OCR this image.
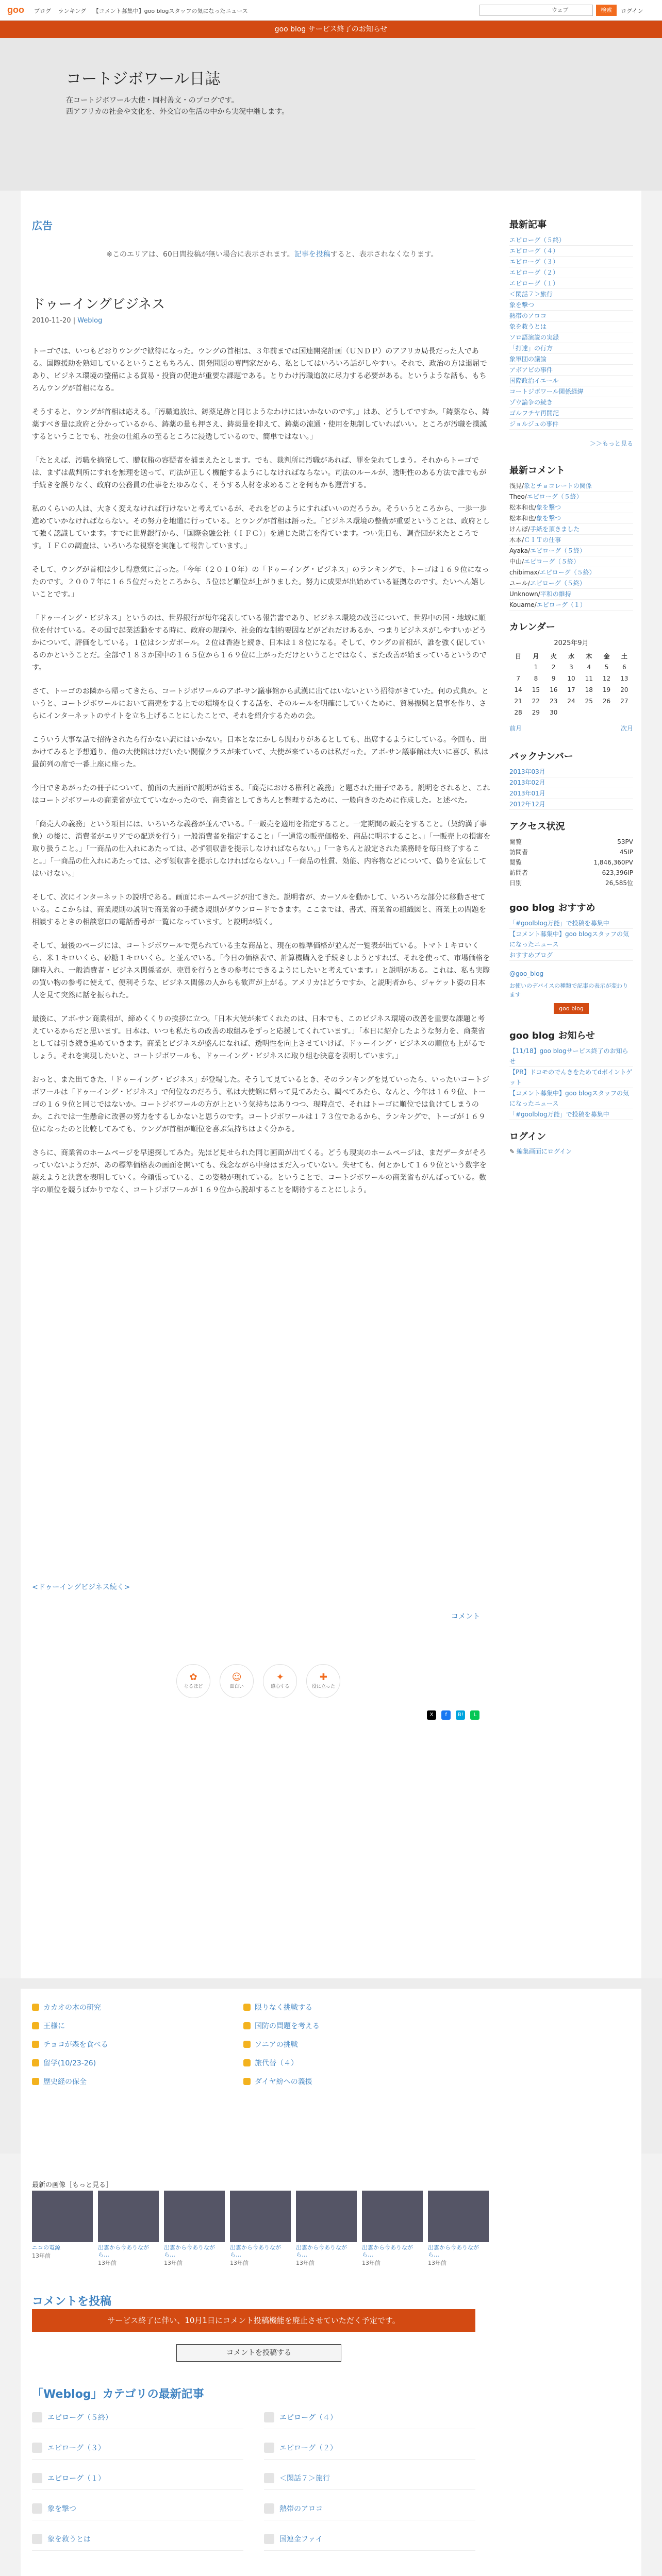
goo ブログ ランキング 【コメント募集中】goo blogスタッフの気になったニュース	ウェブ	検索	ログイン
goo blog サービス終了のお知らせ
コートジボワール日誌
在コートジボワール大使・岡村善文・のブログです。
西アフリカの社会や文化を、外交官の生活の中から実況中継します。
広告
※このエリアは、60日間投稿が無い場合に表示されます。記事を投稿すると、表示されなくなります。
ドゥーイングビジネス
2010-11-20 | Weblog

トーゴでは、いつもどおりウングで歓待になった。ウングの首相は、３年前までは国連開発計画（ＵＮＤＰ）のアフリカ局長だった人である。国際援助を熟知しているということもちろん、開発問題の専門家だから、私としてはいろいろ話がしやすい。それで、政治の方は退屈であり、ビジネス環境の整備による貿易・投資の促進が重要な課題である。とりわけ汚職追放に尽力する必要がある。というような話も、もちろんウングが首相になる。

そうすると、ウングが首相は応える。「汚職追放は、鋳薬足跡と同じようなわけにはいかないのです。」はあ、どうしてですか。「鋳薬なら、鋳薬すべき量は政府と分かっているから、鋳薬の量も押さえ、鋳薬量を抑えて、鋳薬の流通・使用を規制していればいい。ところが汚職を撲滅するということでも、社会の仕組みの至るところに浸透しているので、簡単ではない。」

「たとえば、汚職を摘発して、贈収賄の容疑者を捕まえたとします。でも、裁判所に汚職があれば、罪を免れてしまう。それからトーゴでは、まずは裁判所にすれを無理を送って、司法が正しく機能するようにしなければならない。司法のルールが、透明性のある方法で誰でもが手続きを誤りなく、政府の公務員の仕事をたゆみなく、そうする人材を求めることを何もかも運営する。

私のくらいの人は、大きく変えなければ行けないと考えているが、それをどのようにすればいいのだろうか。そういうところから、一歩一歩進めていかなければならない。その努力を地道に行っている。とウングが首相は語った。「ビジネス環境の整備が重要ということは、政府として強く認識しています。すでに世界銀行から、「国際金融公社（ＩＦＣ）」を通じた助言を得ています。つい先日も、調査団が来たところです。ＩＦＣの調査は、いろいろな視察を実施して報告しています。」

そして、ウングが首相は少し得意気に言った。「今年（２０１０年）の「ドゥーイング・ビジネス」のランキングで、トーゴは１６９位になったのです。２００７年に１６５位だったところから、５位ほど順位が上がりました。努力に成果が出始めている証拠なのです。たいへん嬉しいことです。」

「ドゥーイング・ビジネス」というのは、世界銀行が毎年発表している報告書であり、ビジネス環境の改善について、世界中の国・地域に順位を付けている。その国で起業活動をする時に、政府の規制や、社会的な制約要因などがどれだけあるか、つまりビジネスがしやすいかどうかについて、評価をしている。１位はシンガポール。２位は香港と続き、日本は１８位になる。そして、ウングの首相が、誰を強く促しているのかということだ。全部で１８３か国中の１６５位から１６９位に上がっただけということではなく、また改善が始まっているというのです。

さて、トーゴのお隣から帰ってきたら、コートジボワールのアボ-サン議事館から武漢に出てはいないという招待がきていた。何の式典か。というと、コートジボワールにおいて商売をする上での環境を良くする話を、そのルールを明確にしていくために、貿易振興と農事を作り、さらにインターネットのサイトを立ち上げることにしたことで、それを紹介するための会。

こういう大事な話で招待されたら行かない訳にはいかない。日本となにかしら関わりがあるとしても、出席するようにしている。今回も、出かけてみると予想通り、他の大使館はけだいたい閣僚クラスが来ていて、大使が来ているのは私だった。アボ-サン議事館は大いに喜び、私は最前列の席で一番上座に座った。

今日できあがったの冊子について、前面の大画面で説明が始まる。「商売における権利と義務」と題された冊子である。説明をされると、これはコートジボワールの商業省が立てていなかったので、商業省としてきちんと整理するために、一般向きのために作成した。と述べた。

「商売人の義務」という項目には、いろいろな義務が並んでいる。「一販売を適用を指定すること。一定期間の販売をすること。（契約満了事象）の後に、消費者がエリアでの配送を行う」一般消費者を指定すること」「一通常の販売価格を、商品に明示すること。」「一販売上の損害を取り扱うこと。」「一商品の仕入れにあたっては、必ず領収書を提示しなければならない。」「一きちんと設定された業務時を毎日終了すること。」「一商品の仕入れにあたっては、必ず領収書を提示しなければならない。」「一商品の性質、効能、内容物などについて、偽りを宣伝してはいけない。」

そして、次にインターネットの説明である。画面にホームページが出てきた。説明者が、カーソルを動かして、いろいろな部分に移動させている。ここからは、商業規則の説明で商業省の手続き規則がダウンロードできます。ここまでは、書式、商業省の組織図と、商業上の問題を相談するときの相談窓口の電話番号が一覧になっています。と説明が続く。

そして、最後のページには、コートジボワールで売られている主な商品と、現在の標準価格が並んだ一覧表が出ている。トマト１キロいくら、米１キロいくら、砂糖１キロいくら。と並んでいる。「今日の価格表で、計算機購入を手続きしようとすれば、それを使って、市場価格を随時入れ、一般消費者・ビジネス関係者が、売買を行うときの参考にできるようにしたいと考えています。」と説明がある。これは、私も実際の買い物の参考に使えて、便利そうな、ビジネス関係の人からも歓声が上がる。アメリカはどうですか、と説明者から、ジャケット姿の日本人を見て突然に話を振られた。

最後に、アボ-サン商業相が、締めくくりの挨拶に立つ。「日本大使が来てくれたのは、日本でも、このビジネス環境の改善を重要な課題と考えているからだと思います。日本は、いつも私たちの改善の取組みをずっと応援してくれています。」「本日に紹介したような努力を、商業省としては引き続き進めていきます。商業とビジネスが盛んになれば、透明性を向上させていけば、ドゥーイング・ビジネスの順位も上がるでしょう。それを実現したいと、コートジボワールも、ドゥーイング・ビジネスに取り組む決意を表明しています。」

おっと、また出てきた、「ドゥーイング・ビジネス」が登場した。そうして見ているとき、そのランキングを見ていったら、いったいコートジボワールは「ドゥーイング・ビジネス」で何位なのだろう。私は大使館に帰って見てみたら、調べてみたら、なんと、今年は１６９位、トーゴの１６９位と同じではないか。コートジボワールの方が上という気持ちはありつつ、現時点で、それはトーゴに順位では負けてしまうのか。これでは一生懸命に改善の努力をするしかないと思うのです。コートジボワールは１７３位であるから、ランキングで、トーゴが１６９位になったのと比較してみても、ウングが首相が順位を喜ぶ気持ちはよく分かる。

さらに、商業省のホームページを早速探してみた。先ほど見せられた同じ画面が出てくる。どうも現実のホームページは、まだデータがそろっていないようだが、あの標準価格表の画面を開いても、残念ながら中身はまだ入っていない。失せても、何とかして１６９位という数字を越えようと決意を表明していく。今頑張っている、この姿勢が現れている。ということで、コートジボワールの商業省もがんばっている。数字の順位を競うばかりでなく、コートジボワールが１６９位から脱却することを期待することにしよう。

<ドゥーイングビジネス続く>
コメント
✿
なるほど
☺
面白い
✦
感心する
✚
役に立った
X f B! L
最新記事
エピローグ（５終）
エピローグ（４）
エピローグ（３）
エピローグ（２）
エピローグ（１）
＜閑話７＞旅行
象を撃つ
熱帯のアロコ
象を救うとは
ソロ語演説の実録
「打達」の行方
象軍団の議論
アボアビの事件
国際政治イエール
コートジボワール関係経緯
ゾウ論争の続き
ゴルフチヤ再開記
ジョルジュの事件
＞＞もっと見る
最新コメント
浅見/象とチョコレートの関係
Theo/エピローグ（５終）
松本和也/象を撃つ
松本和也/象を撃つ
けんぽ/手紙を頂きました
木本/ＣＩＴの仕事
Ayaka/エピローグ（５終）
中山/エピローグ（５終）
chibimax/エピローグ（５終）
ユール/エピローグ（５終）
Unknown/平和の維持
Kouame/エピローグ（１）
カレンダー
2025年9月
日	月	火	水	木	金	土
	1	2	3	4	5	6
7	8	9	10	11	12	13
14	15	16	17	18	19	20
21	22	23	24	25	26	27
28	29	30				
前月	次月
バックナンバー
2013年03月
2013年02月
2013年01月
2012年12月
アクセス状況
閲覧	53PV
訪問者	45IP
閲覧	1,846,360PV
訪問者	623,396IP
日別	26,585位
goo blog おすすめ
「#goolblog万能」で投稿を募集中
【コメント募集中】goo blogスタッフの気になったニュース
おすすめブログ
@goo_blog
お使いのデバイスの種類で記事の表示が変わります
goo blog
goo blog お知らせ
【11/18】goo blogサービス終了のお知らせ
【PR】ドコモのでんきをためてdポイントゲット
【コメント募集中】goo blogスタッフの気になったニュース
「#goolblog万能」で投稿を募集中
ログイン
✎ 編集画面にログイン
カカオの木の研究	限りなく挑戦する
王様に	国防の問題を考える
チョコが森を食べる	ソニアの挑戦
留学(10/23-26)	旅代替（４）
歴史経の保全	ダイヤ紛への義援
最新の画像［もっと見る］
ニコの電源
13年前
出雲から今ありながら…
13年前
出雲から今ありながら…
13年前
出雲から今ありながら…
13年前
出雲から今ありながら…
13年前
出雲から今ありながら…
13年前
出雲から今ありながら…
13年前
コメントを投稿
サービス終了に伴い、10月1日にコメント投稿機能を廃止させていただく予定です。
コメントを投稿する
「Weblog」カテゴリの最新記事
エピローグ（５終）	エピローグ（４）
エピローグ（３）	エピローグ（２）
エピローグ（１）	＜閑話７＞旅行
象を撃つ	熱帯のアロコ
象を救うとは	国連金ファイ
